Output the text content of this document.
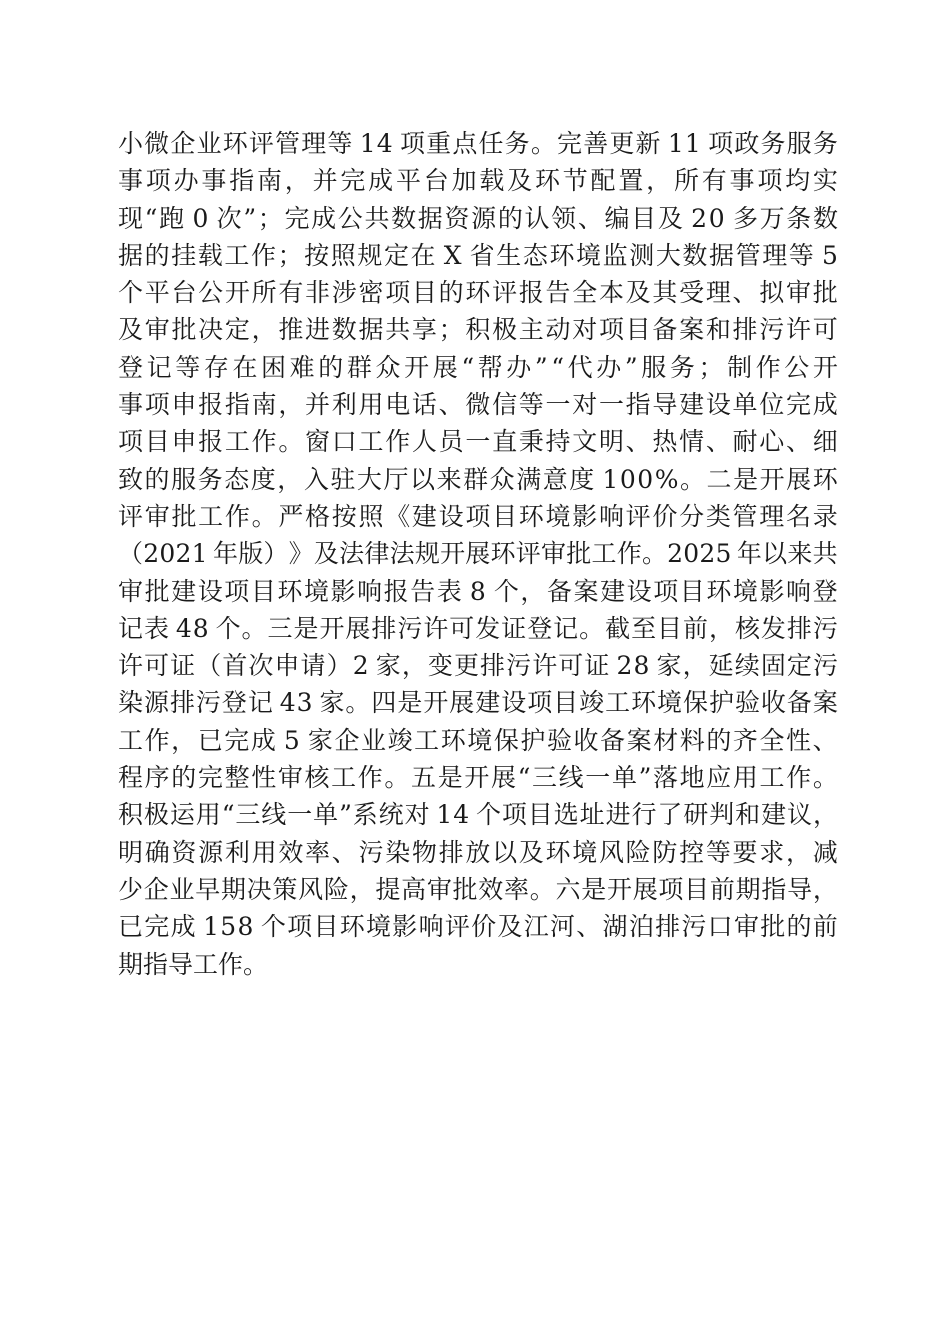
小 微 企 业 环 评 管 理 等
  1 4
  项 重 点 任 务 。 完 善 更 新
  1 1
  项 政 务 服 务
事 项 办 事 指 南 ， 并 完 成 平 台 加 载 及 环 节 配 置 ， 所 有 事 项 均 实
现 “ 跑
  0
  次 ” ； 完 成 公 共 数 据 资 源 的 认 领 、 编 目 及
  2 0
  多 万 条 数
据 的 挂 载 工 作 ； 按 照 规 定 在
  X
  省 生 态 环 境 监 测 大 数 据 管 理 等
  5
个 平 台 公 开 所 有 非 涉 密 项 目 的 环 评 报 告 全 本 及 其 受 理 、 拟 审 批
及 审 批 决 定 ， 推 进 数 据 共 享 ； 积 极 主 动 对 项 目 备 案 和 排 污 许 可
登 记 等 存 在 困 难 的 群 众 开 展 “ 帮 办 ” “ 代 办 ” 服 务 ； 制 作 公 开
事 项 申 报 指 南 ， 并 利 用 电 话 、 微 信 等 一 对 一 指 导 建 设 单 位 完 成
项 目 申 报 工 作 。 窗 口 工 作 人 员 一 直 秉 持 文 明 、 热 情 、 耐 心 、 细
致 的 服 务 态 度 ， 入 驻 大 厅 以 来 群 众 满 意 度
  1 0 0 % 。 二 是 开 展 环
评 审 批 工 作 。 严 格 按 照 《 建 设 项 目 环 境 影 响 评 价 分 类 管 理 名 录
（ 2 0 2 1
  年 版 ） 》 及 法 律 法 规 开 展 环 评 审 批 工 作 。 2 0 2 5
  年 以 来 共
审 批 建 设 项 目 环 境 影 响 报 告 表
  8
  个 ， 备 案 建 设 项 目 环 境 影 响 登
记 表
  4 8
  个 。 三 是 开 展 排 污 许 可 发 证 登 记 。 截 至 目 前 ， 核 发 排 污
许 可 证 （ 首 次 申 请 ） 2
  家 ， 变 更 排 污 许 可 证
  2 8
  家 ， 延 续 固 定 污
染 源 排 污 登 记
  4 3
  家 。 四 是 开 展 建 设 项 目 竣 工 环 境 保 护 验 收 备 案
工 作 ， 已 完 成
  5
  家 企 业 竣 工 环 境 保 护 验 收 备 案 材 料 的 齐 全 性 、
程 序 的 完 整 性 审 核 工 作 。 五 是 开 展 “ 三 线 一 单 ” 落 地 应 用 工 作 。
积 极 运 用 “ 三 线 一 单 ” 系 统 对
  1 4
  个 项 目 选 址 进 行 了 研 判 和 建 议 ，
明 确 资 源 利 用 效 率 、 污 染 物 排 放 以 及 环 境 风 险 防 控 等 要 求 ， 减
少 企 业 早 期 决 策 风 险 ， 提 高 审 批 效 率 。 六 是 开 展 项 目 前 期 指 导 ，
已 完 成
  1 5 8
  个 项 目 环 境 影 响 评 价 及 江 河 、 湖 泊 排 污 口 审 批 的 前
期指导工作。
